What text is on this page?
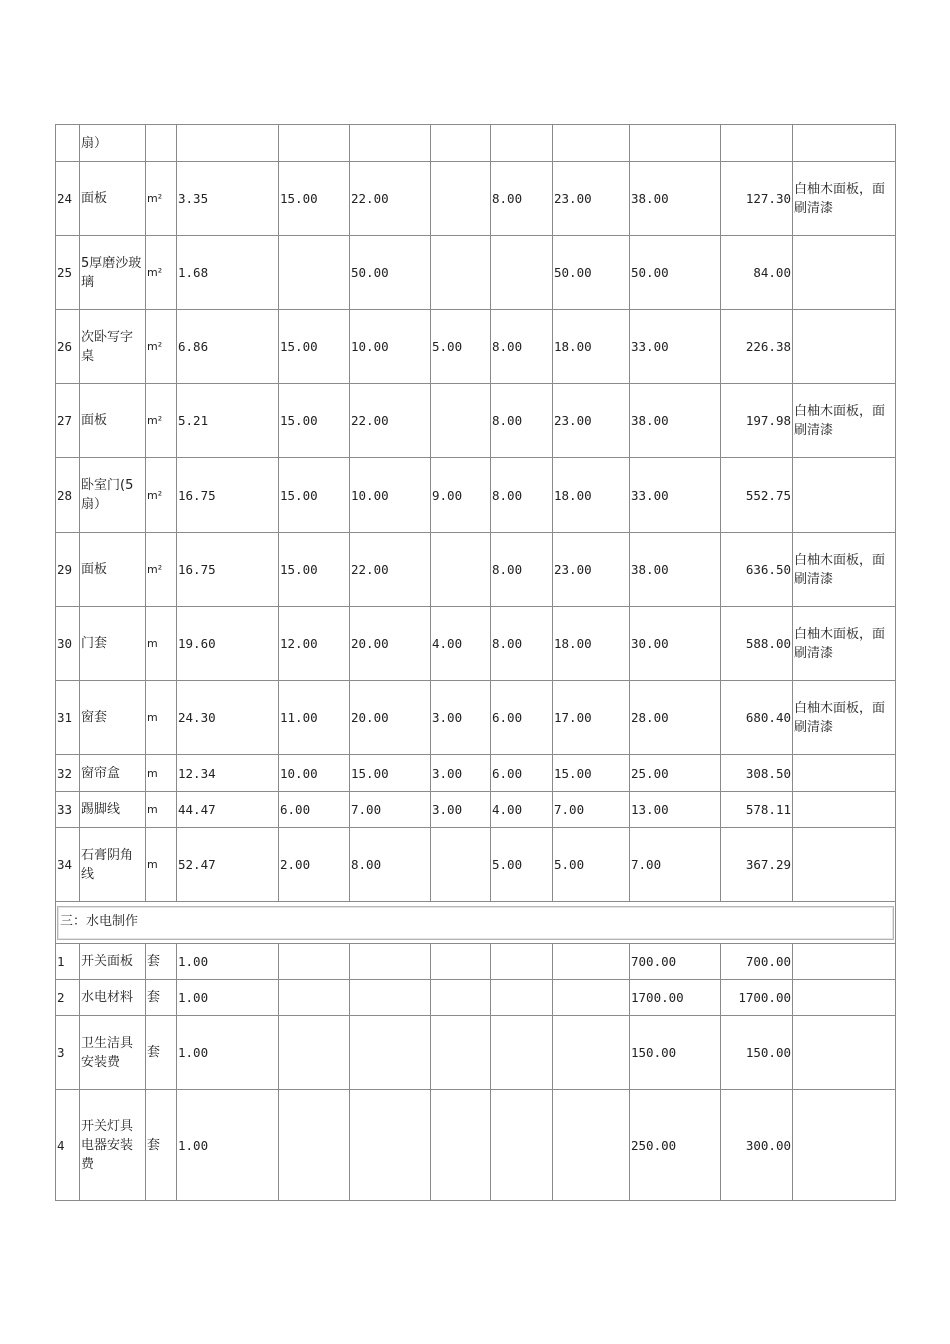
	扇）										
24	面板	m²	3.35	15.00	22.00		8.00	23.00	38.00	127.30	白柚木面板，面刷清漆
25	5厚磨沙玻璃	m²	1.68		50.00			50.00	50.00	84.00	
26	次卧写字桌	m²	6.86	15.00	10.00	5.00	8.00	18.00	33.00	226.38	
27	面板	m²	5.21	15.00	22.00		8.00	23.00	38.00	197.98	白柚木面板，面刷清漆
28	卧室门(5扇）	m²	16.75	15.00	10.00	9.00	8.00	18.00	33.00	552.75	
29	面板	m²	16.75	15.00	22.00		8.00	23.00	38.00	636.50	白柚木面板，面刷清漆
30	门套	m	19.60	12.00	20.00	4.00	8.00	18.00	30.00	588.00	白柚木面板，面刷清漆
31	窗套	m	24.30	11.00	20.00	3.00	6.00	17.00	28.00	680.40	白柚木面板，面刷清漆
32	窗帘盒	m	12.34	10.00	15.00	3.00	6.00	15.00	25.00	308.50	
33	踢脚线	m	44.47	6.00	7.00	3.00	4.00	7.00	13.00	578.11	
34	石膏阴角线	m	52.47	2.00	8.00		5.00	5.00	7.00	367.29	

三：水电制作											

1	开关面板	套	1.00						700.00	700.00	
2	水电材料	套	1.00						1700.00	1700.00	
3	卫生洁具安装费	套	1.00						150.00	150.00	
4	开关灯具电器安装费	套	1.00						250.00	300.00	
